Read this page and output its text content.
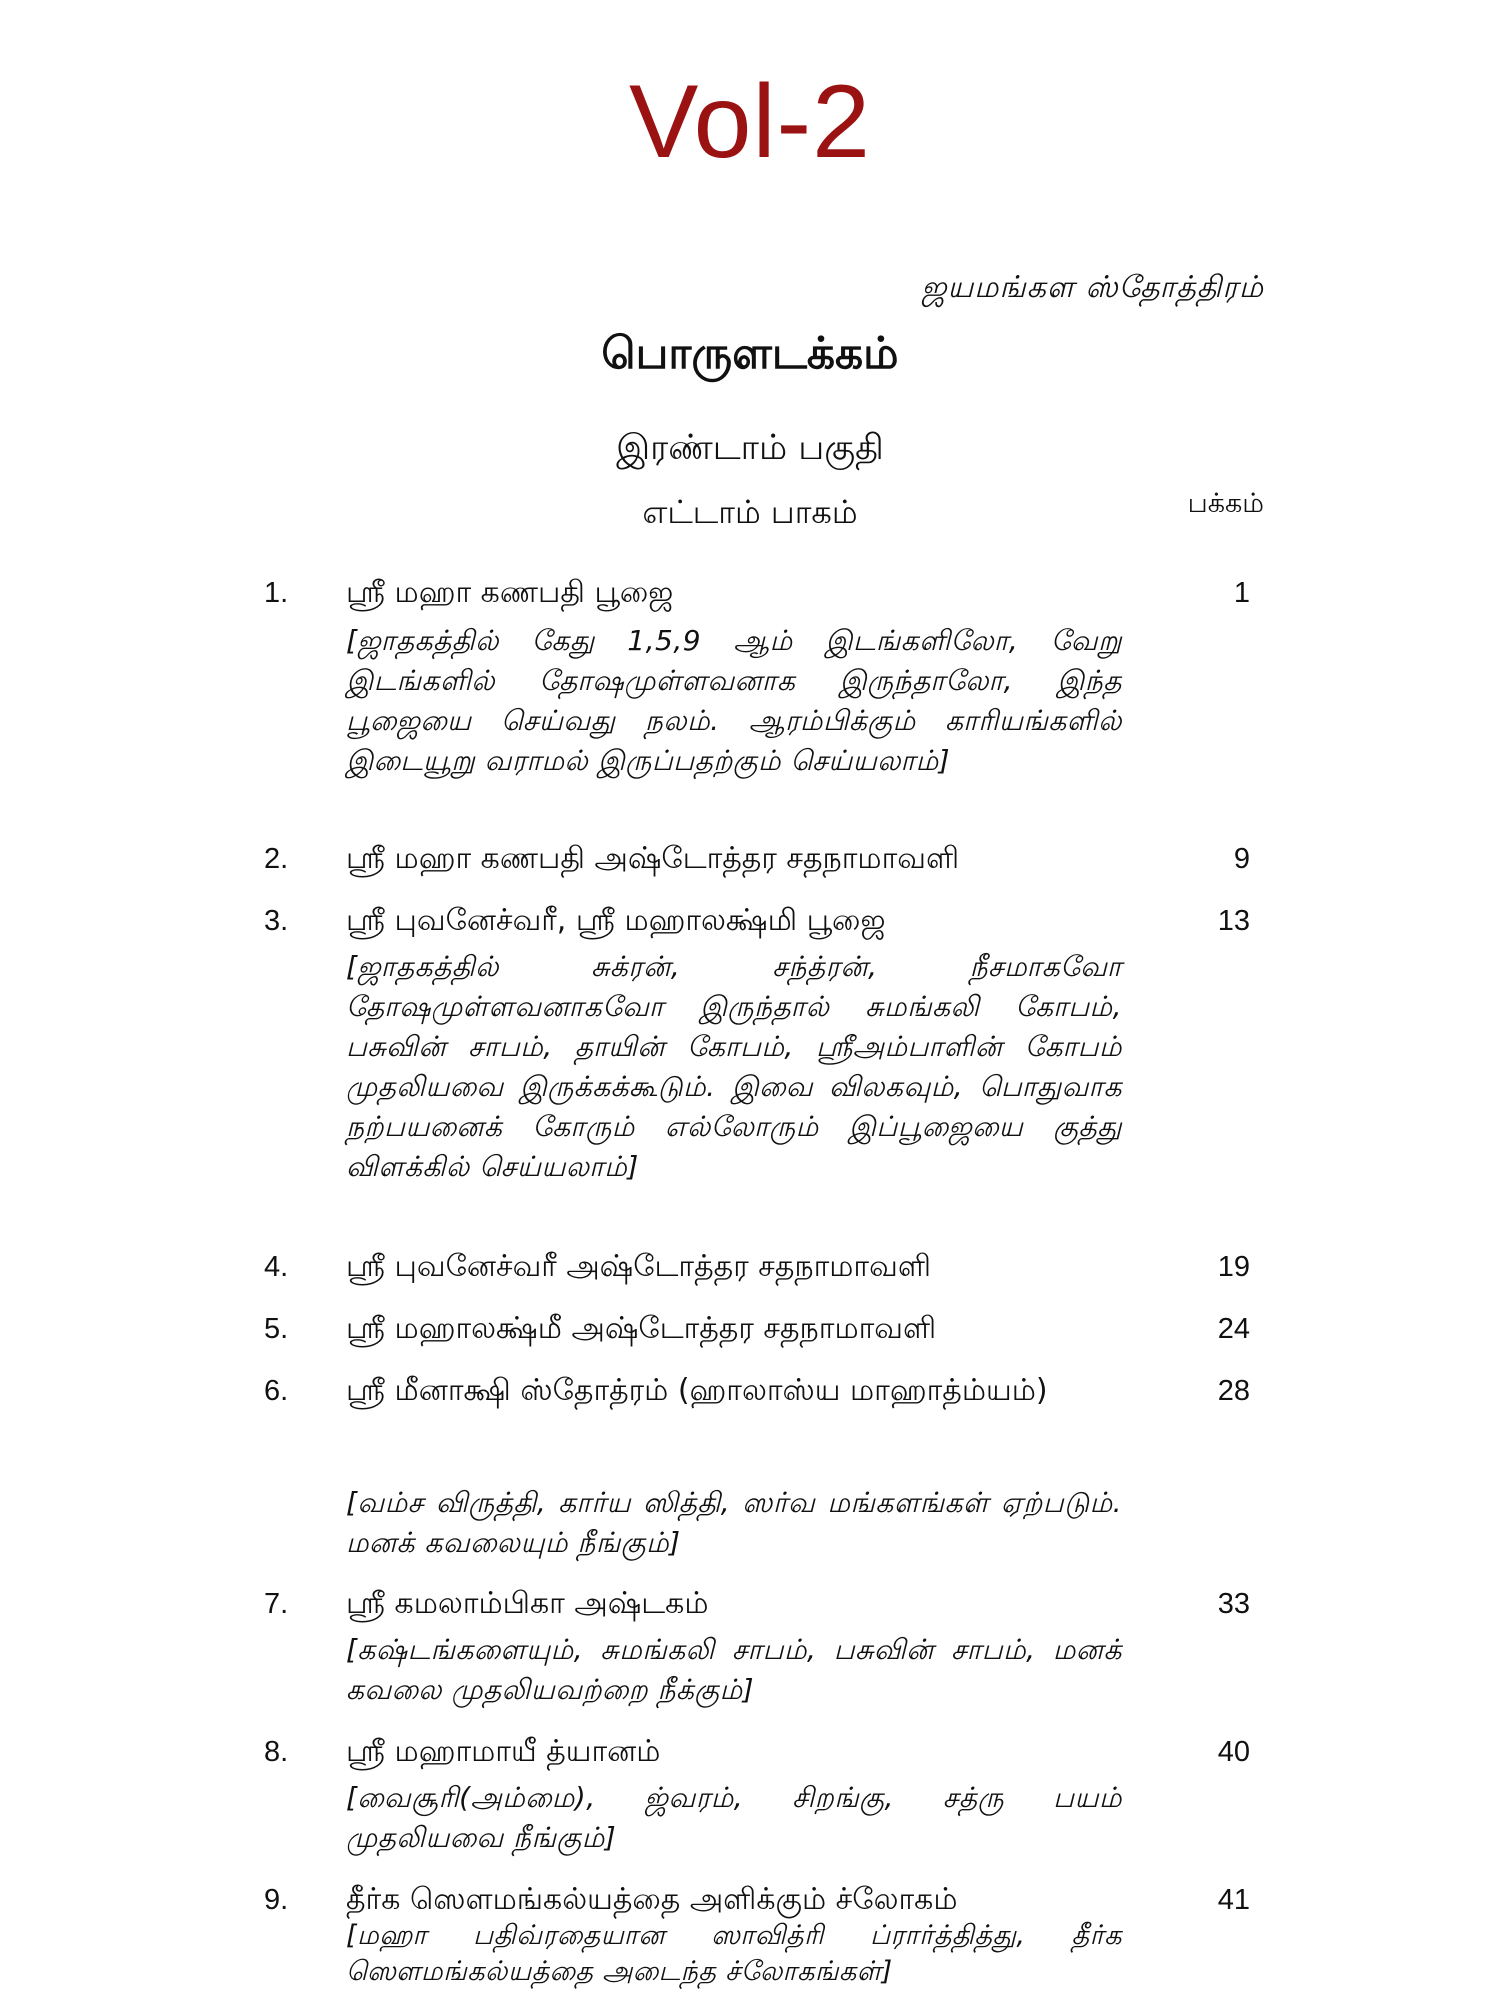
Vol-2
ஜயமங்கள ஸ்தோத்திரம்
பொருளடக்கம்
இரண்டாம் பகுதி
எட்டாம் பாகம்	பக்கம்
1. ஸ்ரீ மஹா கணபதி பூஜை	1
[ஜாதகத்தில் கேது 1,5,9 ஆம் இடங்களிலோ, வேறு இடங்களில் தோஷமுள்ளவனாக இருந்தாலோ, இந்த பூஜையை செய்வது நலம். ஆரம்பிக்கும் காரியங்களில் இடையூறு வராமல் இருப்பதற்கும் செய்யலாம்]
2. ஸ்ரீ மஹா கணபதி அஷ்டோத்தர சதநாமாவளி	9
3. ஸ்ரீ புவனேச்வரீ, ஸ்ரீ மஹாலக்ஷ்மி பூஜை	13
[ஜாதகத்தில் சுக்ரன், சந்த்ரன், நீசமாகவோ தோஷமுள்ளவனாகவோ இருந்தால் சுமங்கலி கோபம், பசுவின் சாபம், தாயின் கோபம், ஸ்ரீஅம்பாளின் கோபம் முதலியவை இருக்கக்கூடும். இவை விலகவும், பொதுவாக நற்பயனைக் கோரும் எல்லோரும் இப்பூஜையை குத்து விளக்கில் செய்யலாம்]
4. ஸ்ரீ புவனேச்வரீ அஷ்டோத்தர சதநாமாவளி	19
5. ஸ்ரீ மஹாலக்ஷ்மீ அஷ்டோத்தர சதநாமாவளி	24
6. ஸ்ரீ மீனாக்ஷி ஸ்தோத்ரம் (ஹாலாஸ்ய மாஹாத்ம்யம்)	28
[வம்ச விருத்தி, கார்ய ஸித்தி, ஸர்வ மங்களங்கள் ஏற்படும். மனக் கவலையும் நீங்கும்]
7. ஸ்ரீ கமலாம்பிகா அஷ்டகம்	33
[கஷ்டங்களையும், சுமங்கலி சாபம், பசுவின் சாபம், மனக் கவலை முதலியவற்றை நீக்கும்]
8. ஸ்ரீ மஹாமாயீ த்யானம்	40
[வைசூரி(அம்மை), ஜ்வரம், சிறங்கு, சத்ரு பயம் முதலியவை நீங்கும்]
9. தீர்க ஸௌமங்கல்யத்தை அளிக்கும் ச்லோகம்	41
[மஹா பதிவ்ரதையான ஸாவித்ரி ப்ரார்த்தித்து, தீர்க ஸௌமங்கல்யத்தை அடைந்த ச்லோகங்கள்]
